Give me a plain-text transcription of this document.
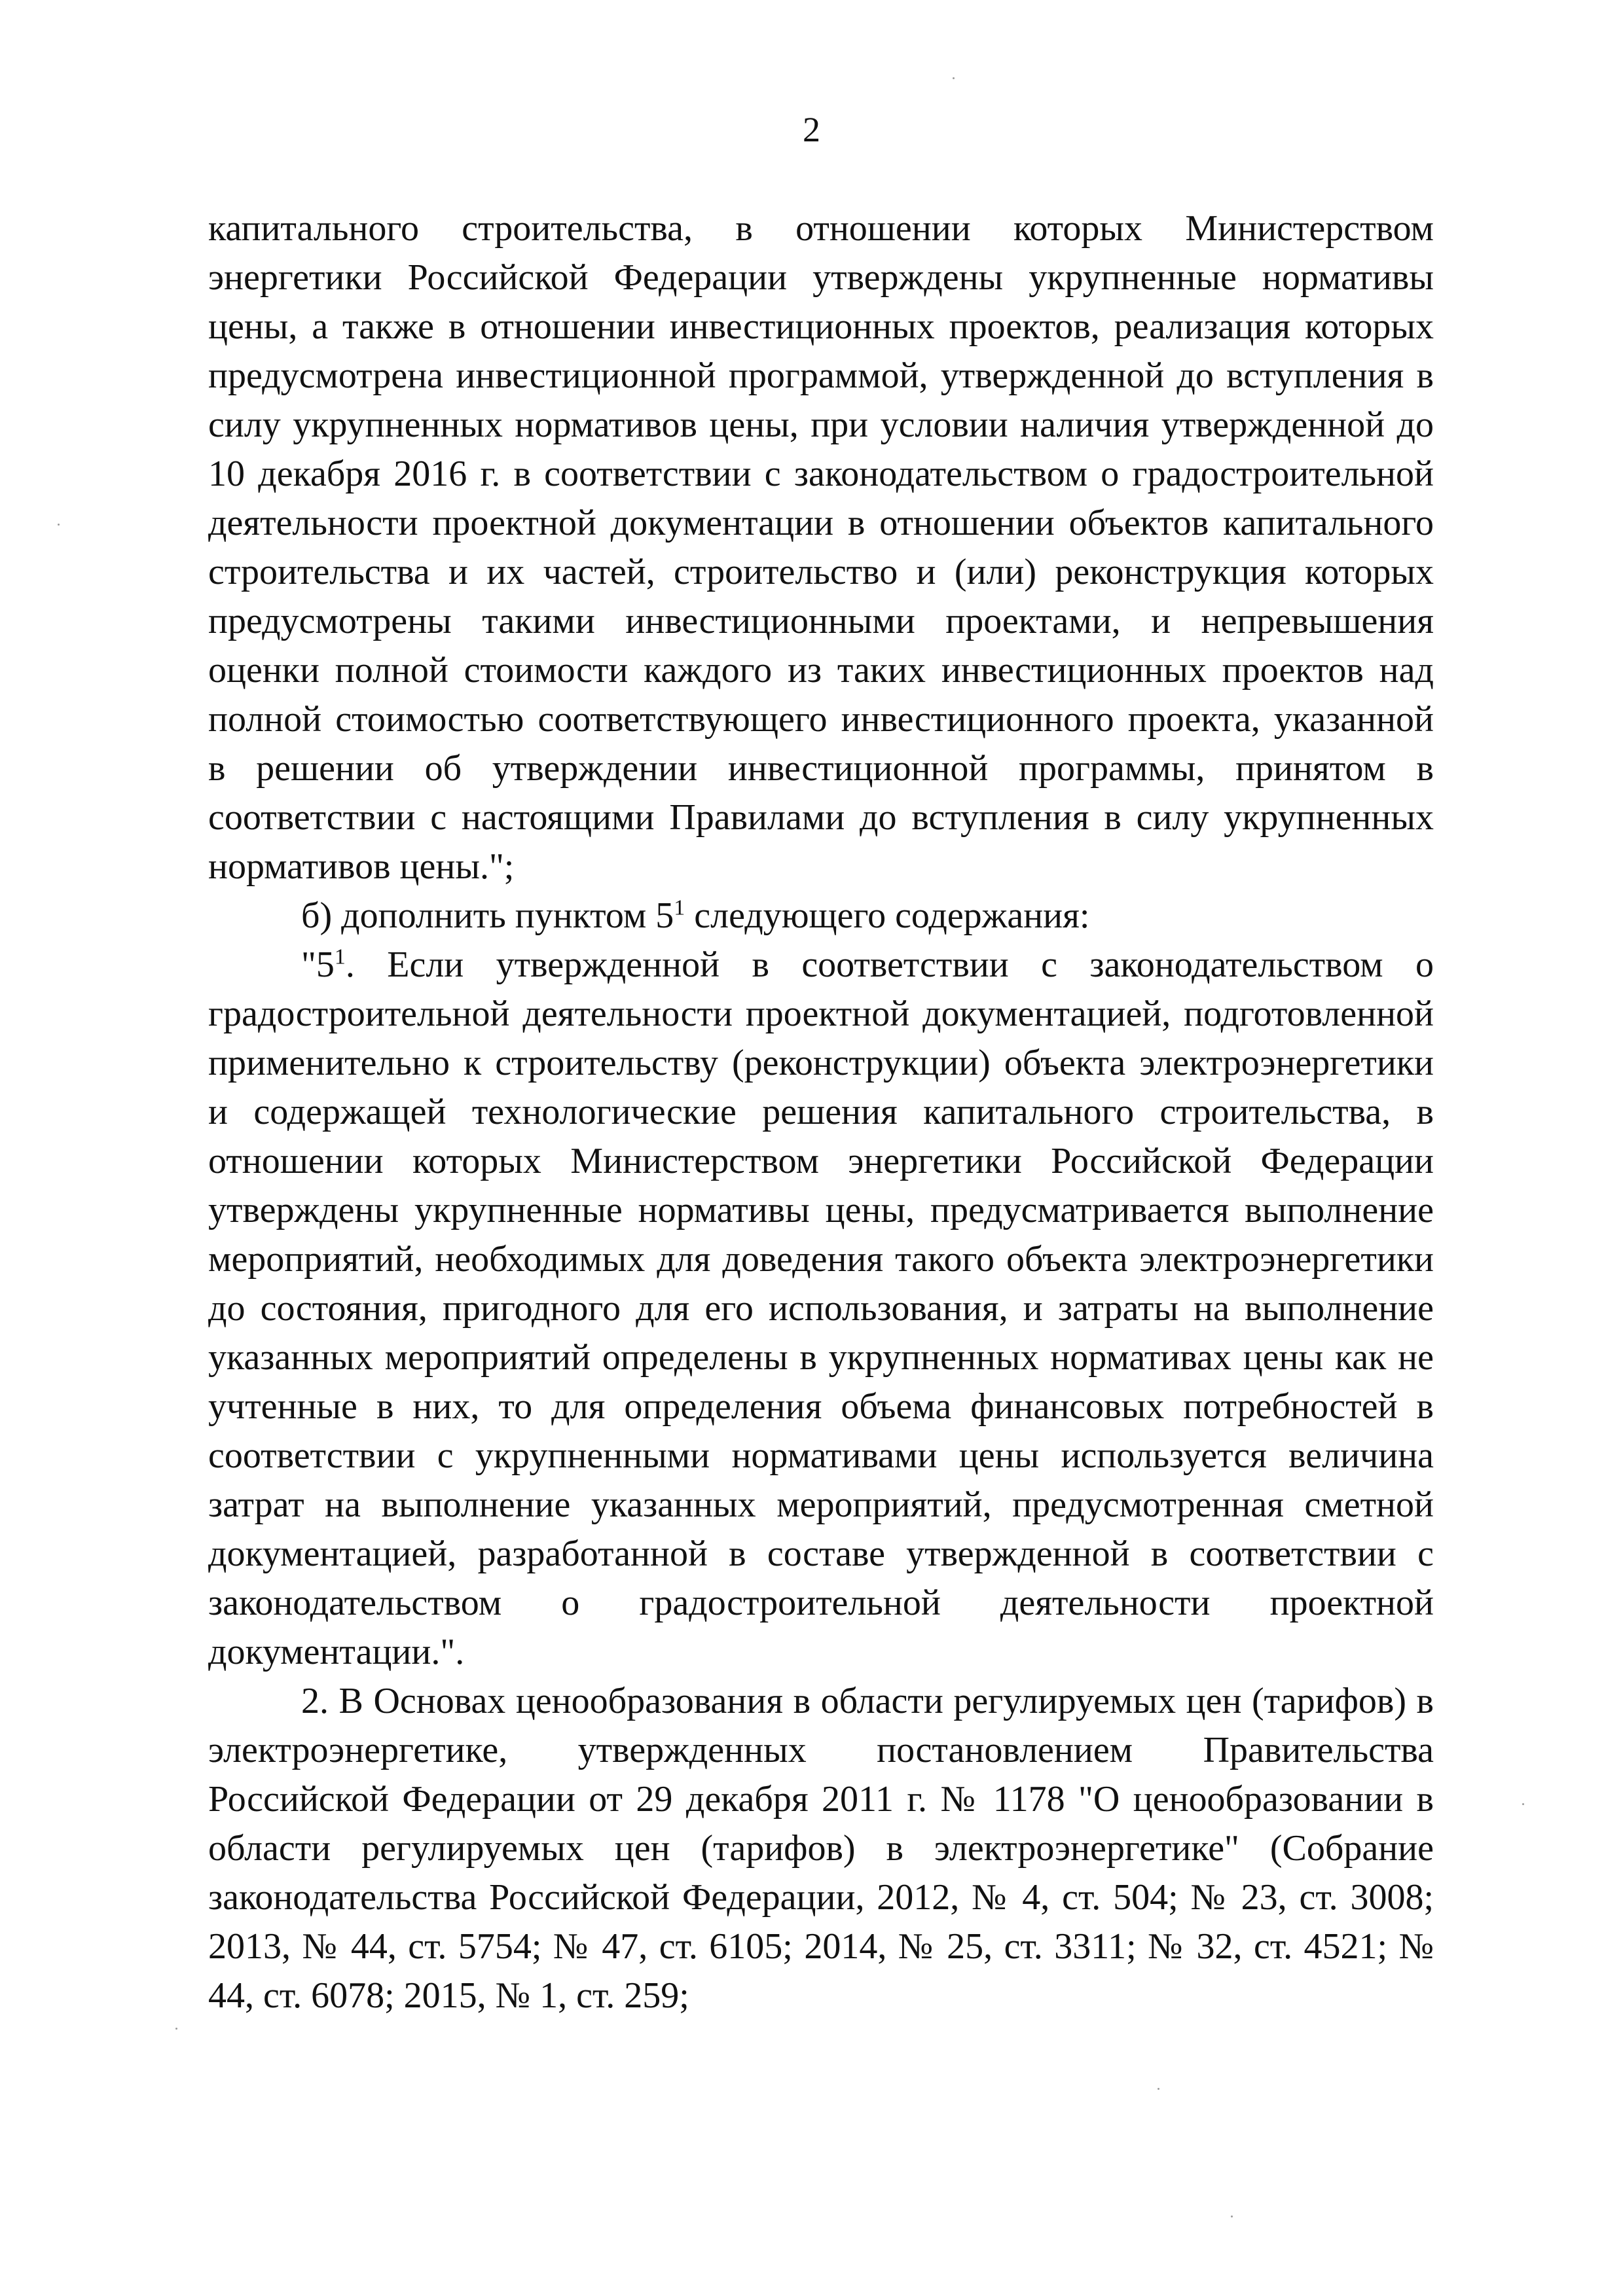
2

капитального строительства, в отношении которых Министерством энергетики Российской Федерации утверждены укрупненные нормативы цены, а также в отношении инвестиционных проектов, реализация которых предусмотрена инвестиционной программой, утвержденной до вступления в силу укрупненных нормативов цены, при условии наличия утвержденной до 10 декабря 2016 г. в соответствии с законодательством о градостроительной деятельности проектной документации в отношении объектов капитального строительства и их частей, строительство и (или) реконструкция которых предусмотрены такими инвестиционными проектами, и непревышения оценки полной стоимости каждого из таких инвестиционных проектов над полной стоимостью соответствующего инвестиционного проекта, указанной в решении об утверждении инвестиционной программы, принятом в соответствии с настоящими Правилами до вступления в силу укрупненных нормативов цены.";

б) дополнить пунктом $5^1$ следующего содержания:

"$5^1$. Если утвержденной в соответствии с законодательством о градостроительной деятельности проектной документацией, подготовленной применительно к строительству (реконструкции) объекта электроэнергетики и содержащей технологические решения капитального строительства, в отношении которых Министерством энергетики Российской Федерации утверждены укрупненные нормативы цены, предусматривается выполнение мероприятий, необходимых для доведения такого объекта электроэнергетики до состояния, пригодного для его использования, и затраты на выполнение указанных мероприятий определены в укрупненных нормативах цены как не учтенные в них, то для определения объема финансовых потребностей в соответствии с укрупненными нормативами цены используется величина затрат на выполнение указанных мероприятий, предусмотренная сметной документацией, разработанной в составе утвержденной в соответствии с законодательством о градостроительной деятельности проектной документации.".

2. В Основах ценообразования в области регулируемых цен (тарифов) в электроэнергетике, утвержденных постановлением Правительства Российской Федерации от 29 декабря 2011 г. № 1178 "О ценообразовании в области регулируемых цен (тарифов) в электроэнергетике" (Собрание законодательства Российской Федерации, 2012, № 4, ст. 504; № 23, ст. 3008; 2013, № 44, ст. 5754; № 47, ст. 6105; 2014, № 25, ст. 3311; № 32, ст. 4521; № 44, ст. 6078; 2015, № 1, ст. 259;
